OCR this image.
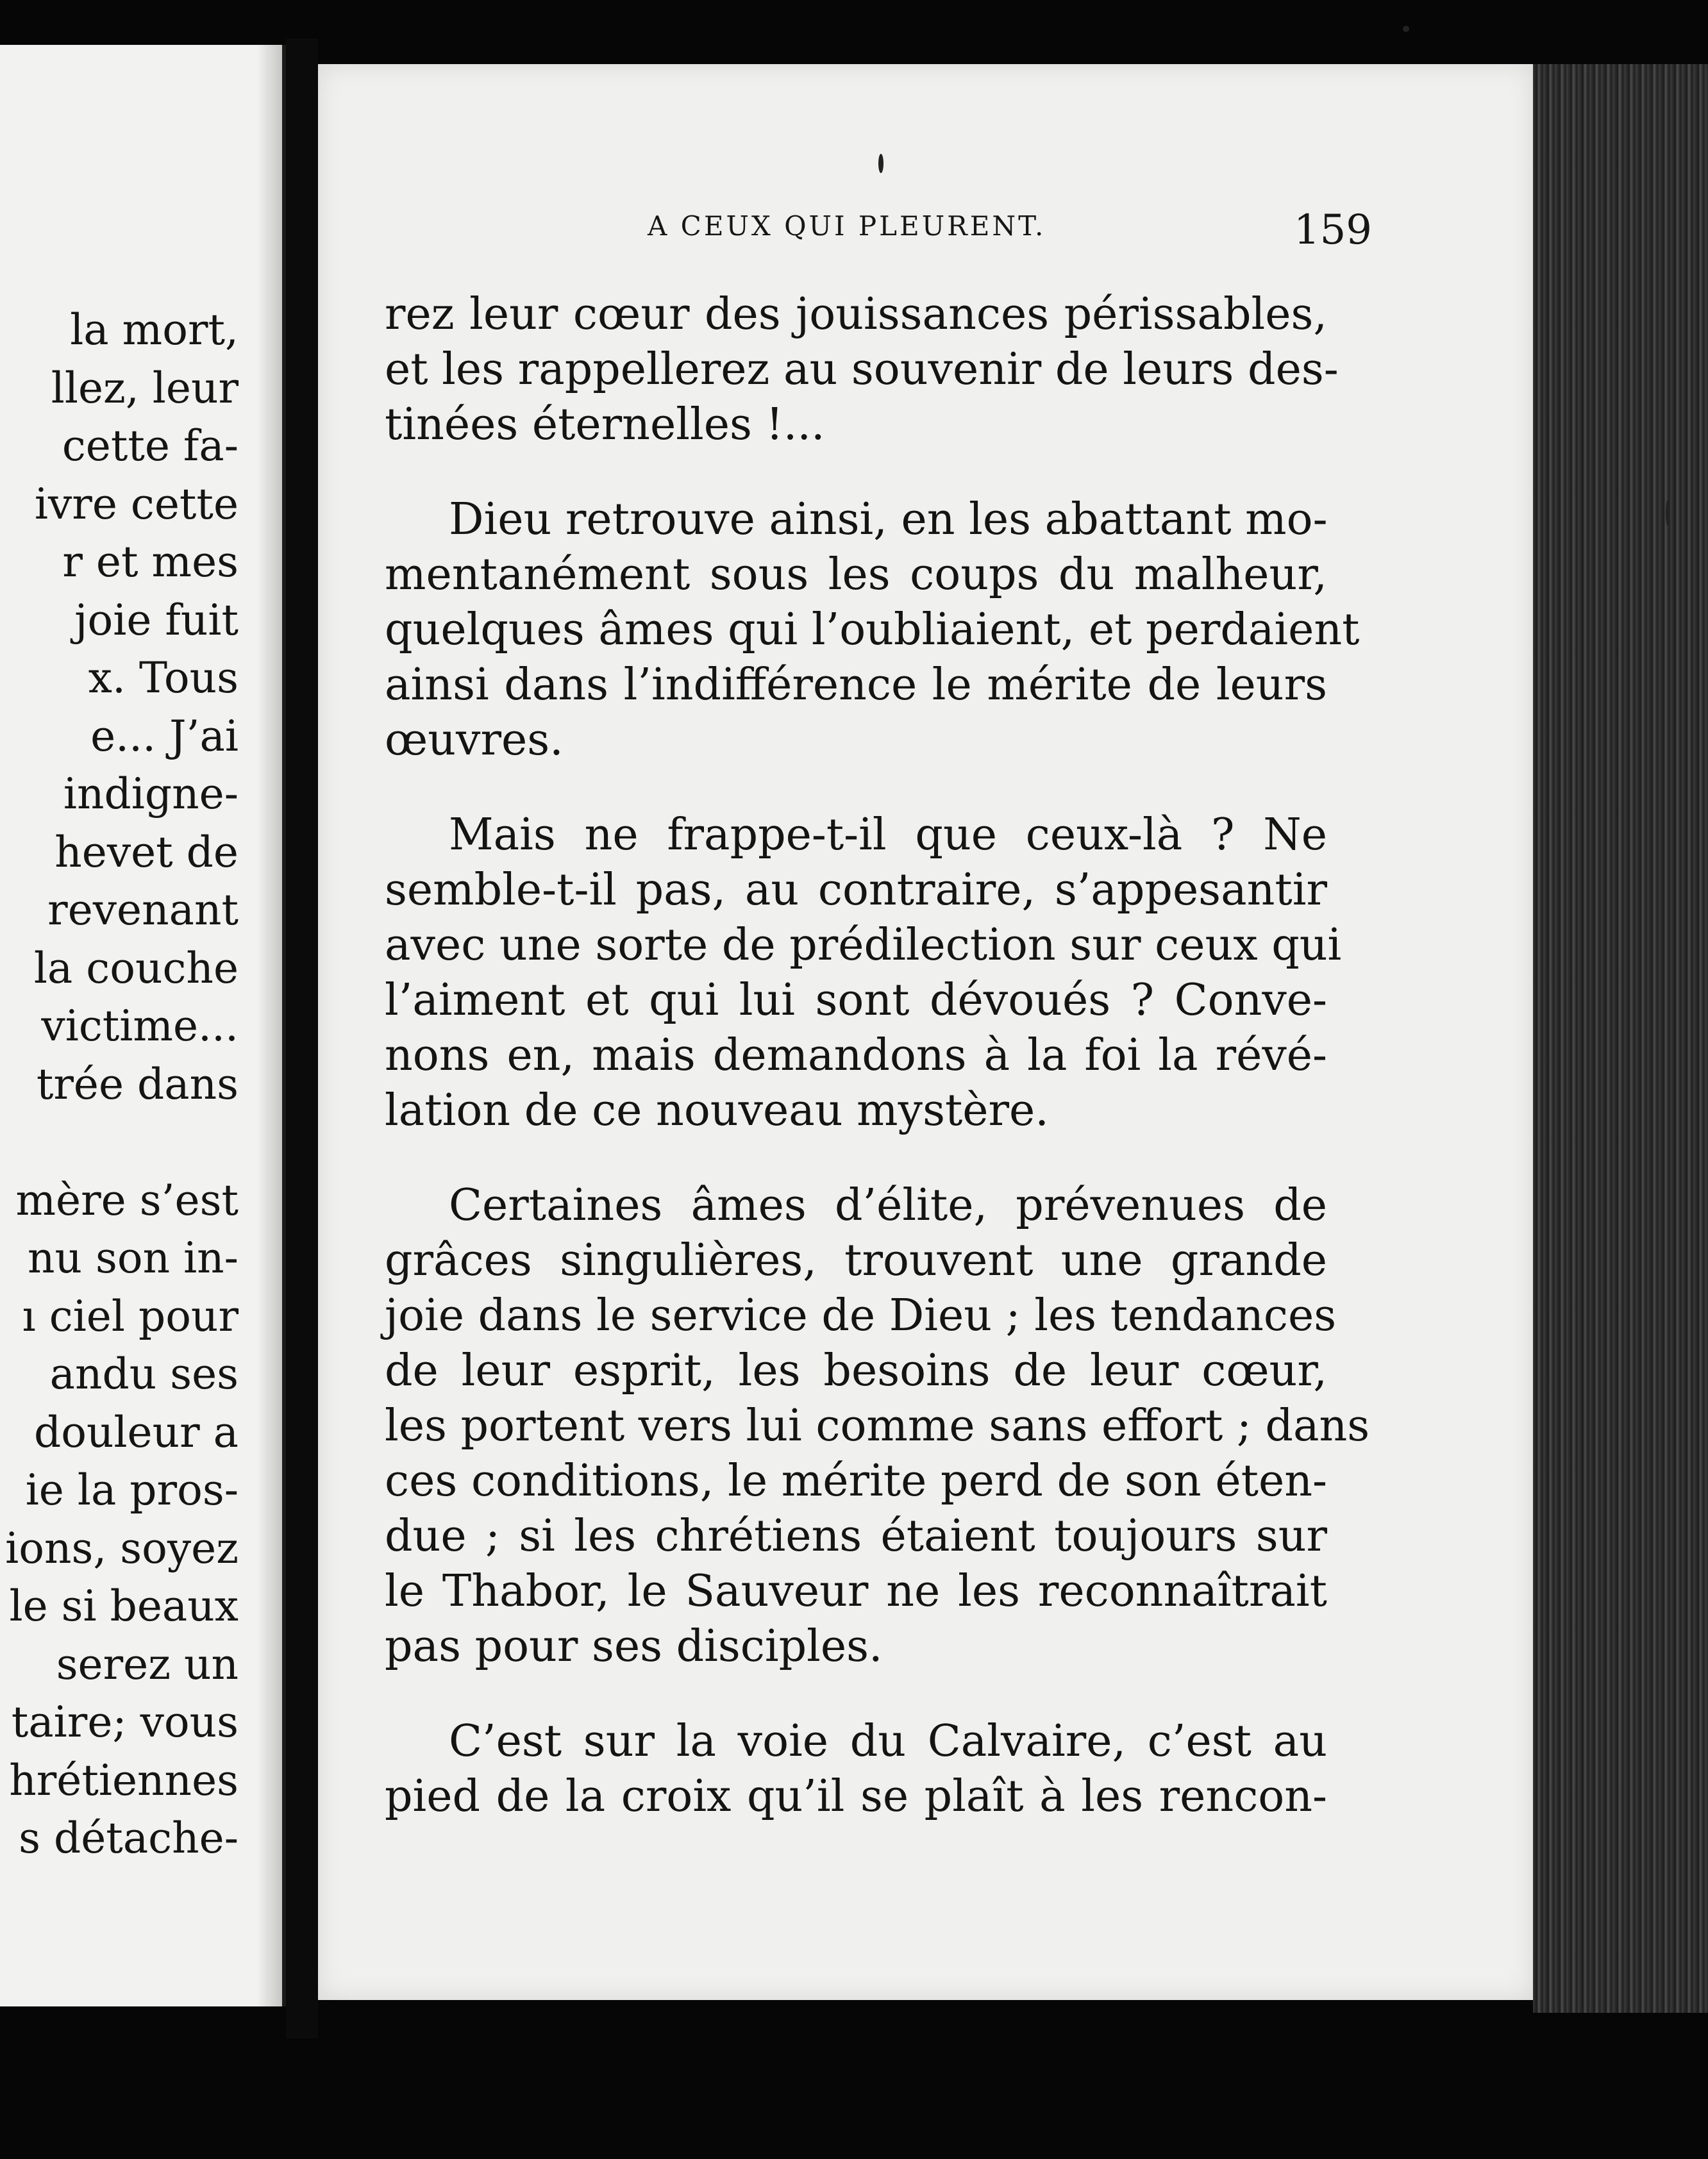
la mort,
llez, leur
cette fa-
ivre cette
r et mes
joie fuit
x. Tous
e... J’ai
indigne-
hevet de
revenant
la couche
victime...
trée dans
mère s’est
nu son in-
ı ciel pour
andu ses
douleur a
ie la pros-
ions, soyez
le si beaux
serez un
taire; vous
hrétiennes
s détache-
A CEUX QUI PLEURENT.	159
rez leur cœur des jouissances périssables,
et les rappellerez au souvenir de leurs des-
tinées éternelles !...
Dieu retrouve ainsi, en les abattant mo-
mentanément sous les coups du malheur,
quelques âmes qui l’oubliaient, et perdaient
ainsi dans l’indifférence le mérite de leurs
œuvres.
Mais ne frappe-t-il que ceux-là ? Ne
semble-t-il pas, au contraire, s’appesantir
avec une sorte de prédilection sur ceux qui
l’aiment et qui lui sont dévoués ? Conve-
nons en, mais demandons à la foi la révé-
lation de ce nouveau mystère.
Certaines âmes d’élite, prévenues de
grâces singulières, trouvent une grande
joie dans le service de Dieu ; les tendances
de leur esprit, les besoins de leur cœur,
les portent vers lui comme sans effort ; dans
ces conditions, le mérite perd de son éten-
due ; si les chrétiens étaient toujours sur
le Thabor, le Sauveur ne les reconnaîtrait
pas pour ses disciples.
C’est sur la voie du Calvaire, c’est au
pied de la croix qu’il se plaît à les rencon-
